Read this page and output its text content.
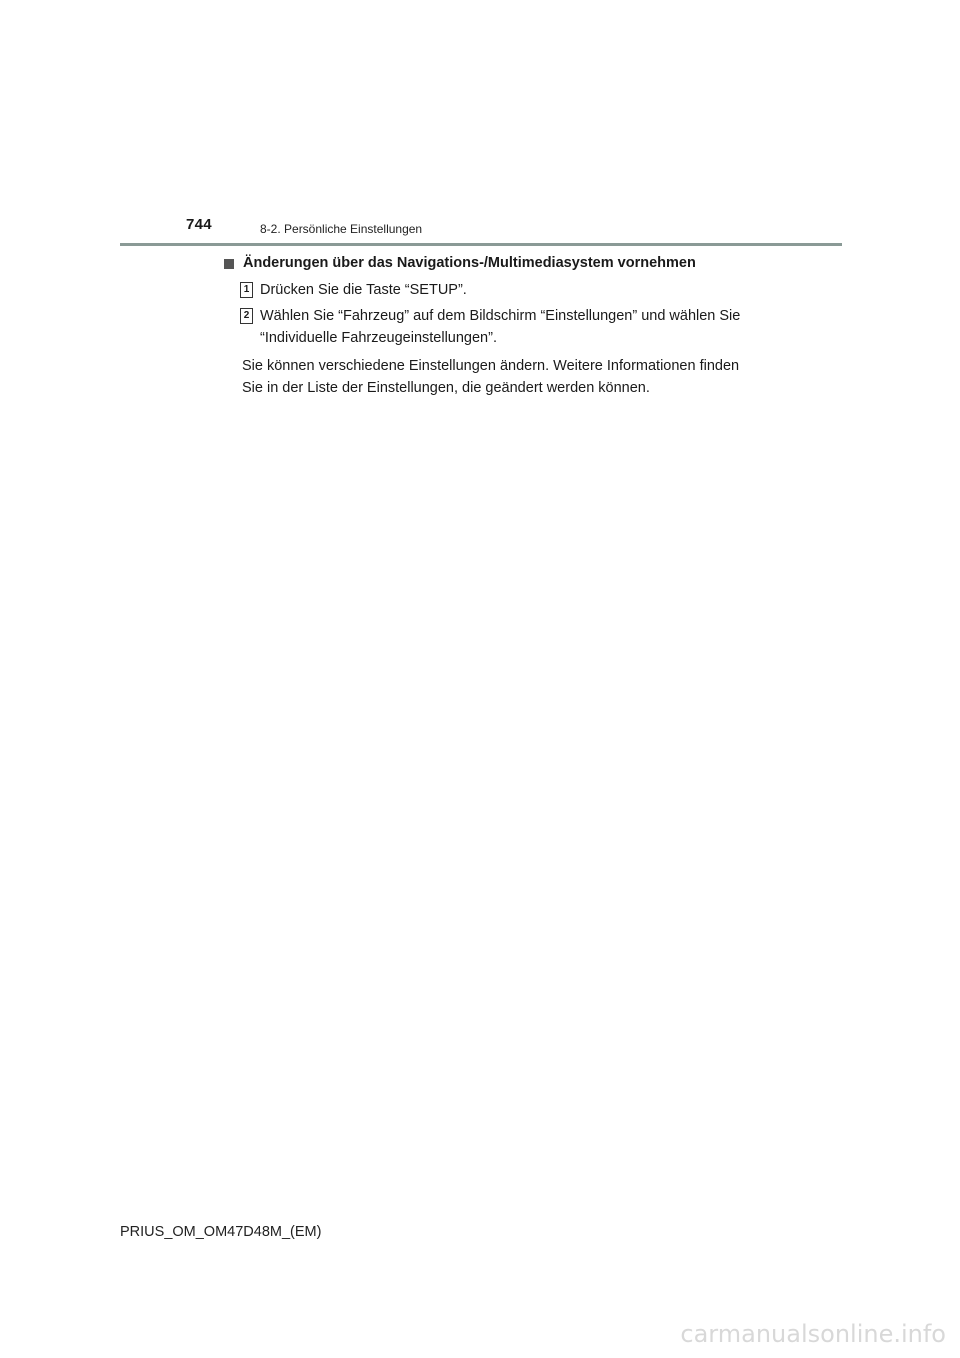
744	8-2. Persönliche Einstellungen
Änderungen über das Navigations-/Multimediasystem vornehmen
1 Drücken Sie die Taste “SETUP”.
2 Wählen Sie “Fahrzeug” auf dem Bildschirm “Einstellungen” und wählen Sie “Individuelle Fahrzeugeinstellungen”.
Sie können verschiedene Einstellungen ändern. Weitere Informationen finden Sie in der Liste der Einstellungen, die geändert werden können.
PRIUS_OM_OM47D48M_(EM)
carmanualsonline.info
